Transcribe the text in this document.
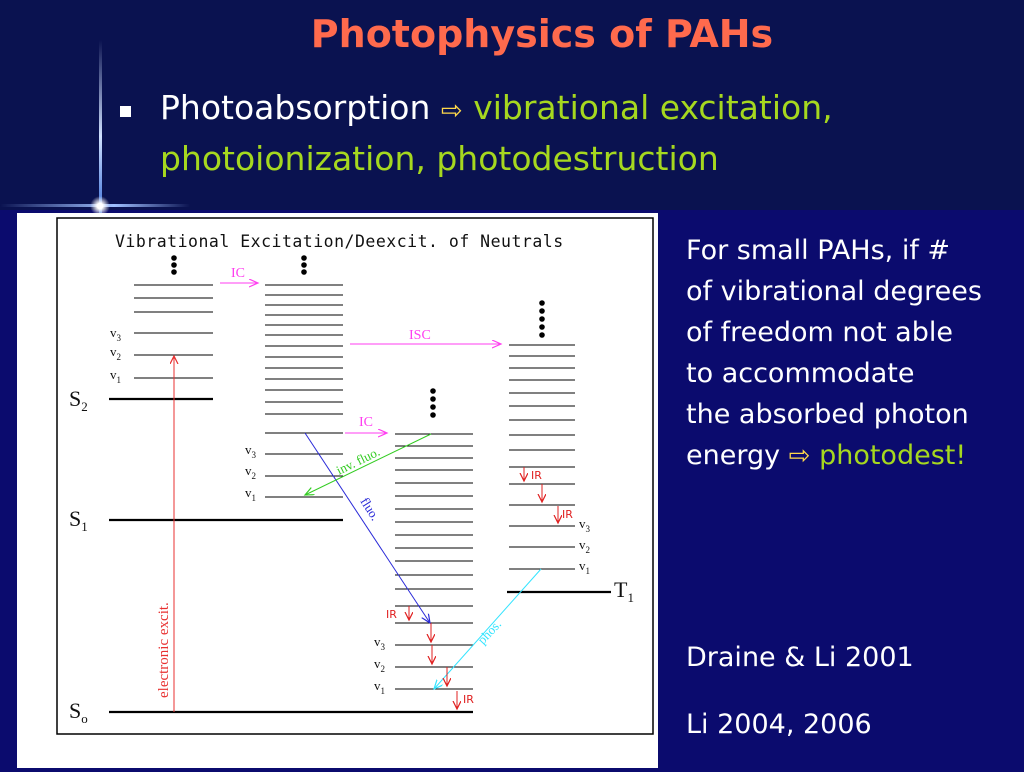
Photophysics of PAHs
Photoabsorption ⇨ vibrational excitation,
photoionization, photodestruction
Vibrational Excitation/Deexcit. of Neutrals
$S_2$
$S_1$
$S_o$
$T_1$
$v_3$
$v_2$
$v_1$
$v_3$
$v_2$
$v_1$
$v_3$
$v_2$
$v_1$
$v_3$
$v_2$
$v_1$
electronic excit.
IC
IC
ISC
fluo.
inv. fluo.
phos.
IR
IR
IR
IR
For small PAHs, if #
of vibrational degrees
of freedom not able
to accommodate
the absorbed photon
energy ⇨ photodest!
Draine & Li 2001
Li 2004, 2006
